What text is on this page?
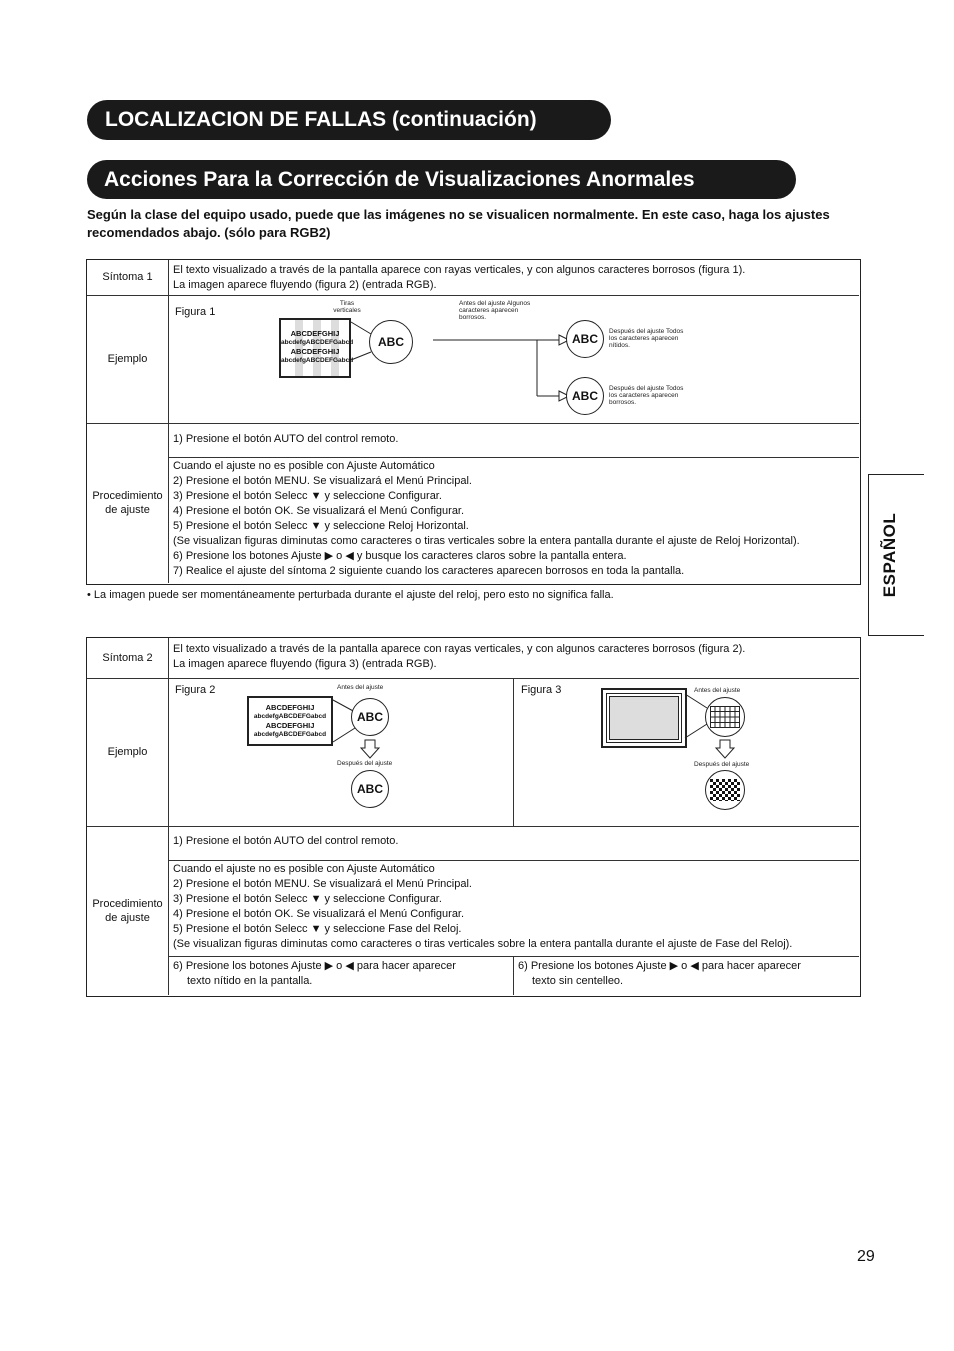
LOCALIZACION DE FALLAS (continuación)
Acciones Para la Corrección de Visualizaciones Anormales
Según la clase del equipo usado, puede que las imágenes no se visualicen normalmente. En este caso, haga los ajustes recomendados abajo. (sólo para RGB2)
Síntoma 1
El texto visualizado a través de la pantalla aparece con rayas verticales, y con algunos caracteres borrosos (figura 1).
La imagen aparece fluyendo (figura 2) (entrada RGB).
Ejemplo
Figura 1
ABCDEFGHIJ
abcdefgABCDEFGabcd
ABCDEFGHIJ
abcdefgABCDEFGabcd
Tiras verticales
ABC
Antes del ajuste Algunos caracteres aparecen borrosos.
ABC
Después del ajuste Todos los caracteres aparecen nítidos.
ABC
Después del ajuste Todos los caracteres aparecen borrosos.
Procedimiento de ajuste
1) Presione el botón AUTO del control remoto.
Cuando el ajuste no es posible con Ajuste Automático
2) Presione el botón MENU. Se visualizará el Menú Principal.
3) Presione el botón Selecc ▼ y seleccione Configurar.
4) Presione el botón OK. Se visualizará el Menú Configurar.
5) Presione el botón Selecc ▼ y seleccione Reloj Horizontal.
(Se visualizan figuras diminutas como caracteres o tiras verticales sobre la entera pantalla durante el ajuste de Reloj Horizontal).
6) Presione los botones Ajuste ▶ o ◀ y busque los caracteres claros sobre la pantalla entera.
7) Realice el ajuste del síntoma 2 siguiente cuando los caracteres aparecen borrosos en toda la pantalla.
• La imagen puede ser momentáneamente perturbada durante el ajuste del reloj, pero esto no significa falla.
Síntoma 2
El texto visualizado a través de la pantalla aparece con rayas verticales, y con algunos caracteres borrosos (figura 2).
La imagen aparece fluyendo (figura 3) (entrada RGB).
Ejemplo
Figura 2	Figura 3
ABCDEFGHIJ
abcdefgABCDEFGabcd
ABCDEFGHIJ
abcdefgABCDEFGabcd
Antes del ajuste
ABC
Después del ajuste
ABC
Antes del ajuste
Después del ajuste
Procedimiento de ajuste
1) Presione el botón AUTO del control remoto.
Cuando el ajuste no es posible con Ajuste Automático
2) Presione el botón MENU. Se visualizará el Menú Principal.
3) Presione el botón Selecc ▼ y seleccione Configurar.
4) Presione el botón OK. Se visualizará el Menú Configurar.
5) Presione el botón Selecc ▼ y seleccione Fase del Reloj.
(Se visualizan figuras diminutas como caracteres o tiras verticales sobre la entera pantalla durante el ajuste de Fase del Reloj).
6) Presione los botones Ajuste ▶ o ◀ para hacer aparecer
texto nítido en la pantalla.
6) Presione los botones Ajuste ▶ o ◀ para hacer aparecer
texto sin centelleo.
ESPAÑOL
29
